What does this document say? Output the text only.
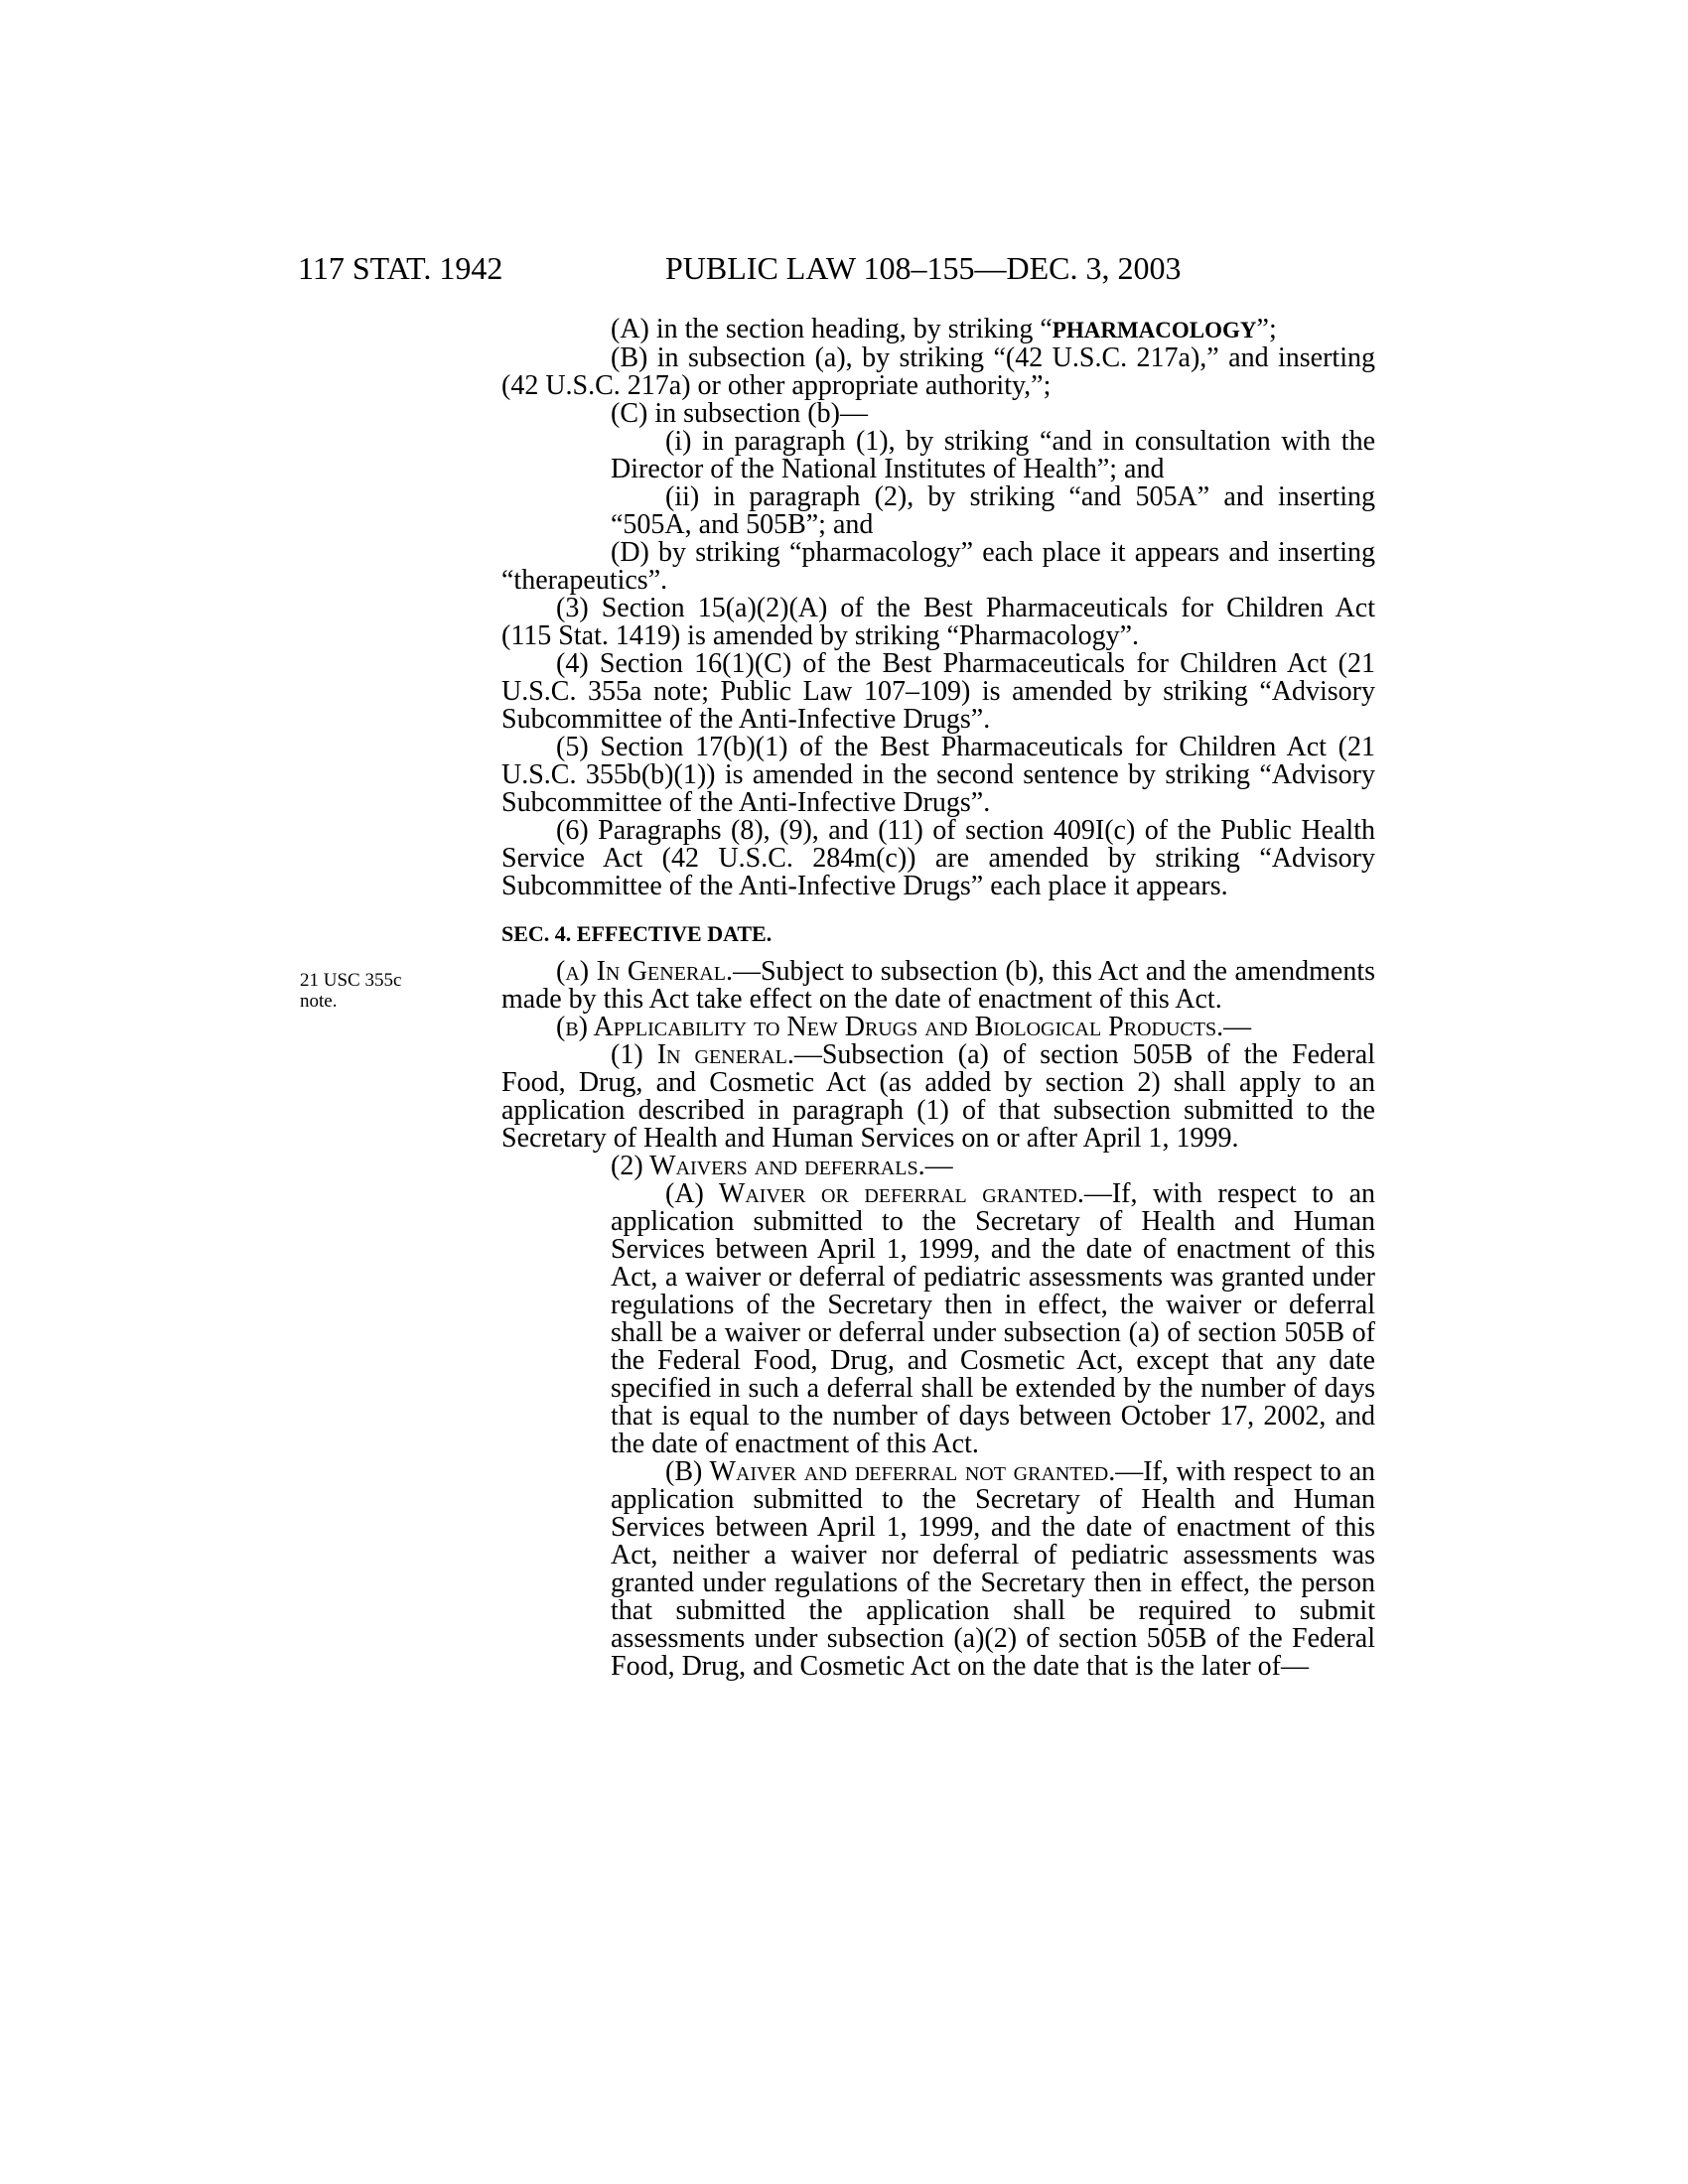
117 STAT. 1942	PUBLIC LAW 108–155—DEC. 3, 2003
21 USC 355c
note.

(A) in the section heading, by striking “PHARMACOLOGY”;

(B) in subsection (a), by striking “(42 U.S.C. 217a),” and inserting (42 U.S.C. 217a) or other appropriate authority,”;

(C) in subsection (b)—

(i) in paragraph (1), by striking “and in consultation with the Director of the National Institutes of Health”; and

(ii) in paragraph (2), by striking “and 505A” and inserting “505A, and 505B”; and

(D) by striking “pharmacology” each place it appears and inserting “therapeutics”.

(3) Section 15(a)(2)(A) of the Best Pharmaceuticals for Children Act (115 Stat. 1419) is amended by striking “Pharmacology”.

(4) Section 16(1)(C) of the Best Pharmaceuticals for Children Act (21 U.S.C. 355a note; Public Law 107–109) is amended by striking “Advisory Subcommittee of the Anti-Infective Drugs”.

(5) Section 17(b)(1) of the Best Pharmaceuticals for Children Act (21 U.S.C. 355b(b)(1)) is amended in the second sentence by striking “Advisory Subcommittee of the Anti-Infective Drugs”.

(6) Paragraphs (8), (9), and (11) of section 409I(c) of the Public Health Service Act (42 U.S.C. 284m(c)) are amended by striking “Advisory Subcommittee of the Anti-Infective Drugs” each place it appears.

SEC. 4. EFFECTIVE DATE.

(a) In General.—Subject to subsection (b), this Act and the amendments made by this Act take effect on the date of enactment of this Act.

(b) Applicability to New Drugs and Biological Products.—

(1) In general.—Subsection (a) of section 505B of the Federal Food, Drug, and Cosmetic Act (as added by section 2) shall apply to an application described in paragraph (1) of that subsection submitted to the Secretary of Health and Human Services on or after April 1, 1999.

(2) Waivers and deferrals.—

(A) Waiver or deferral granted.—If, with respect to an application submitted to the Secretary of Health and Human Services between April 1, 1999, and the date of enactment of this Act, a waiver or deferral of pediatric assessments was granted under regulations of the Secretary then in effect, the waiver or deferral shall be a waiver or deferral under subsection (a) of section 505B of the Federal Food, Drug, and Cosmetic Act, except that any date specified in such a deferral shall be extended by the number of days that is equal to the number of days between October 17, 2002, and the date of enactment of this Act.

(B) Waiver and deferral not granted.—If, with respect to an application submitted to the Secretary of Health and Human Services between April 1, 1999, and the date of enactment of this Act, neither a waiver nor deferral of pediatric assessments was granted under regulations of the Secretary then in effect, the person that submitted the application shall be required to submit assessments under subsection (a)(2) of section 505B of the Federal Food, Drug, and Cosmetic Act on the date that is the later of—
